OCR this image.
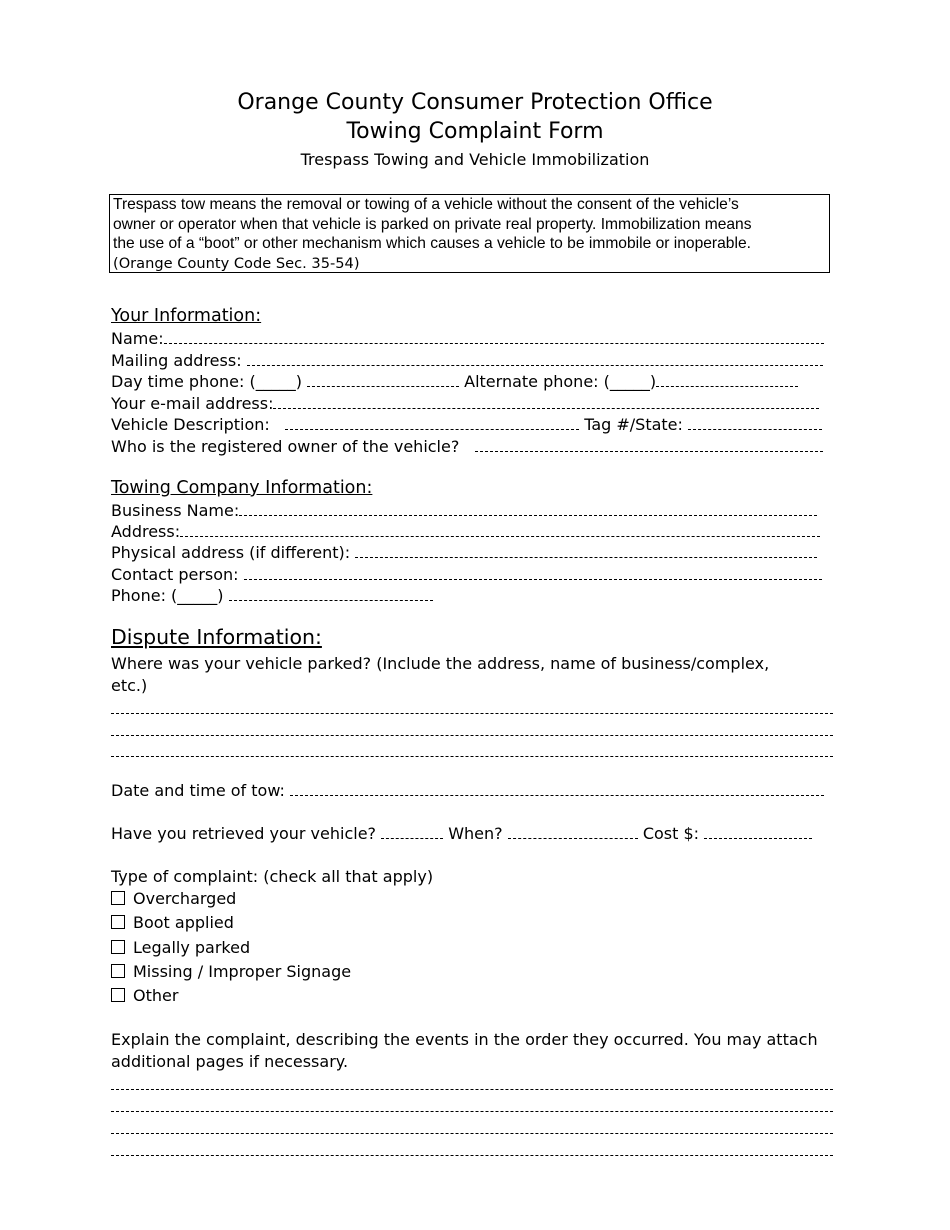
Orange County Consumer Protection Office
Towing Complaint Form
Trespass Towing and Vehicle Immobilization
Trespass tow means the removal or towing of a vehicle without the consent of the vehicle’s
owner or operator when that vehicle is parked on private real property. Immobilization means
the use of a “boot” or other mechanism which causes a vehicle to be immobile or inoperable.
(Orange County Code Sec. 35-54)
Your Information:
Name:
Mailing address:
Day time phone: (_____)	Alternate phone: (_____)
Your e-mail address:
Vehicle Description:	Tag #/State:
Who is the registered owner of the vehicle?
Towing Company Information:
Business Name:
Address:
Physical address (if different):
Contact person:
Phone: (_____)
Dispute Information:
Where was your vehicle parked? (Include the address, name of business/complex,
etc.)
Date and time of tow:
Have you retrieved your vehicle?	When?	Cost $:
Type of complaint: (check all that apply)
Overcharged
Boot applied
Legally parked
Missing / Improper Signage
Other
Explain the complaint, describing the events in the order they occurred. You may attach
additional pages if necessary.
